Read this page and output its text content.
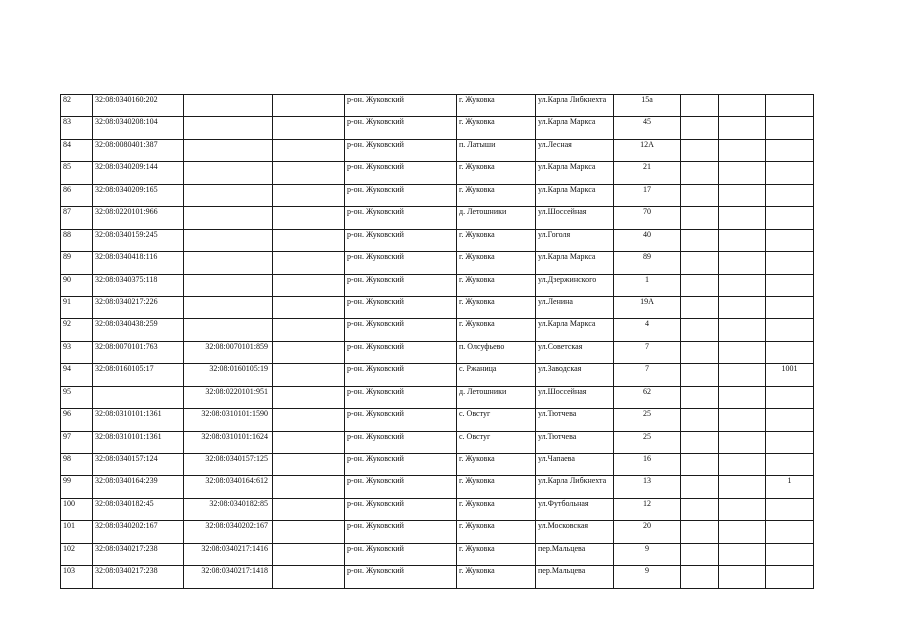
82	32:08:0340160:202			р-он. Жуковский	г. Жуковка	ул.Карла Либкнехта	15а			
83	32:08:0340208:104			р-он. Жуковский	г. Жуковка	ул.Карла Маркса	45			
84	32:08:0080401:387			р-он. Жуковский	п. Латыши	ул.Лесная	12А			
85	32:08:0340209:144			р-он. Жуковский	г. Жуковка	ул.Карла Маркса	21			
86	32:08:0340209:165			р-он. Жуковский	г. Жуковка	ул.Карла Маркса	17			
87	32:08:0220101:966			р-он. Жуковский	д. Летошники	ул.Шоссейная	70			
88	32:08:0340159:245			р-он. Жуковский	г. Жуковка	ул.Гоголя	40			
89	32:08:0340418:116			р-он. Жуковский	г. Жуковка	ул.Карла Маркса	89			
90	32:08:0340375:118			р-он. Жуковский	г. Жуковка	ул.Дзержинского	1			
91	32:08:0340217:226			р-он. Жуковский	г. Жуковка	ул.Ленина	19А			
92	32:08:0340438:259			р-он. Жуковский	г. Жуковка	ул.Карла Маркса	4			
93	32:08:0070101:763	32:08:0070101:859		р-он. Жуковский	п. Олсуфьево	ул.Советская	7			
94	32:08:0160105:17	32:08:0160105:19		р-он. Жуковский	с. Ржаница	ул.Заводская	7			1001
95		32:08:0220101:951		р-он. Жуковский	д. Летошники	ул.Шоссейная	62			
96	32:08:0310101:1361	32:08:0310101:1590		р-он. Жуковский	с. Овстуг	ул.Тютчева	25			
97	32:08:0310101:1361	32:08:0310101:1624		р-он. Жуковский	с. Овстуг	ул.Тютчева	25			
98	32:08:0340157:124	32:08:0340157:125		р-он. Жуковский	г. Жуковка	ул.Чапаева	16			
99	32:08:0340164:239	32:08:0340164:612		р-он. Жуковский	г. Жуковка	ул.Карла Либкнехта	13			1
100	32:08:0340182:45	32:08:0340182:85		р-он. Жуковский	г. Жуковка	ул.Футбольная	12			
101	32:08:0340202:167	32:08:0340202:167		р-он. Жуковский	г. Жуковка	ул.Московская	20			
102	32:08:0340217:238	32:08:0340217:1416		р-он. Жуковский	г. Жуковка	пер.Мальцева	9			
103	32:08:0340217:238	32:08:0340217:1418		р-он. Жуковский	г. Жуковка	пер.Мальцева	9			
